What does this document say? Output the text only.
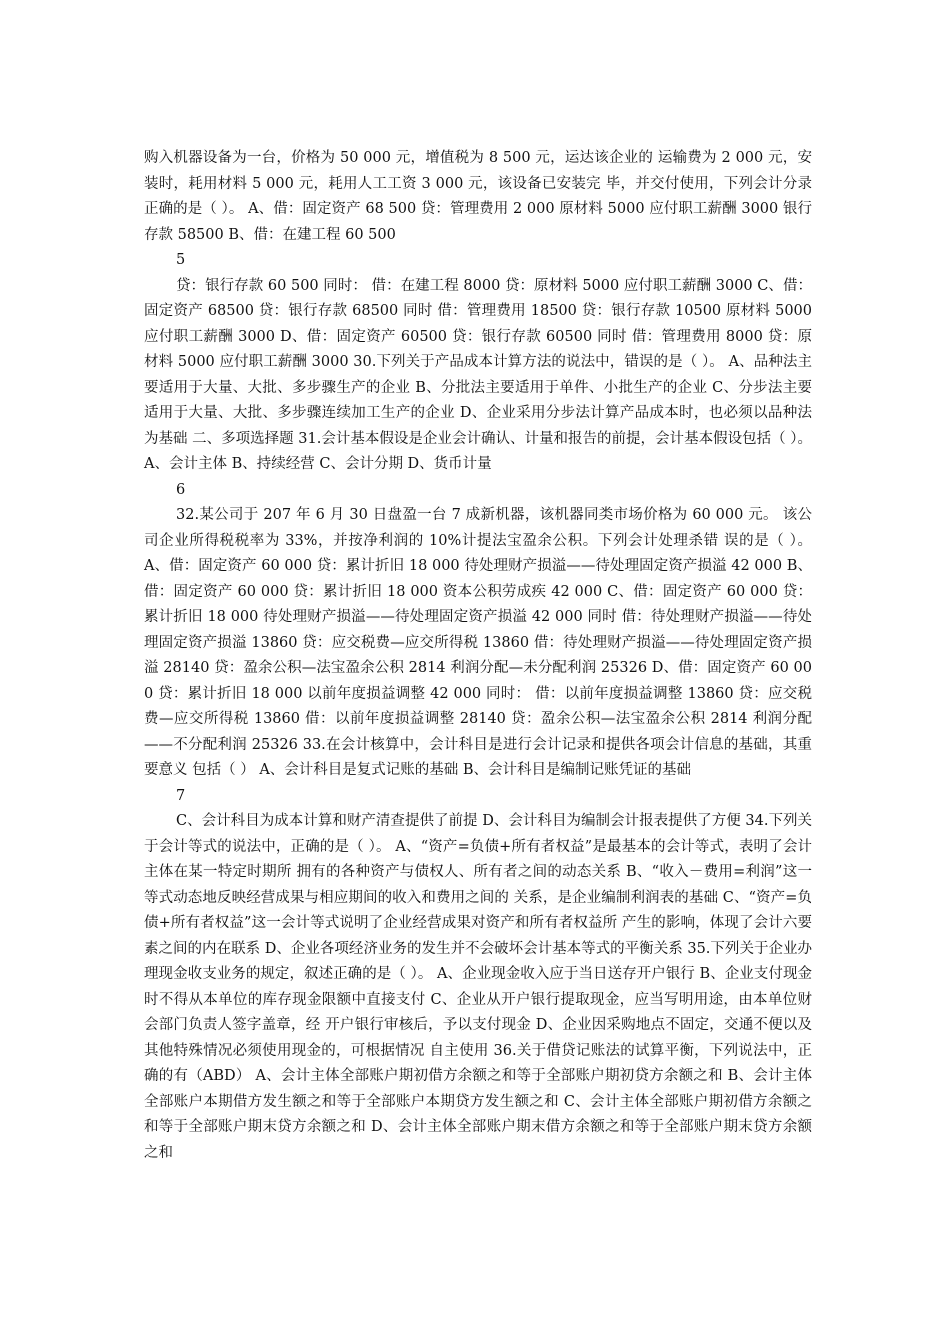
购入机器设备为一台，价格为 50 000 元，增值税为 8 500 元，运达该企业的 运输费为 2 000 元，安装时，耗用材料 5 000 元，耗用人工工资 3 000 元，该设备已安装完 毕，并交付使用，下列会计分录正确的是（ ）。 A、借：固定资产 68 500 贷：管理费用 2 000 原材料 5000 应付职工薪酬 3000 银行存款 58500 B、借：在建工程 60 500

5

贷：银行存款 60 500 同时： 借：在建工程 8000 贷：原材料 5000 应付职工薪酬 3000 C、借：固定资产 68500 贷：银行存款 68500 同时 借：管理费用 18500 贷：银行存款 10500 原材料 5000 应付职工薪酬 3000 D、借：固定资产 60500 贷：银行存款 60500 同时 借：管理费用 8000 贷：原材料 5000 应付职工薪酬 3000 30.下列关于产品成本计算方法的说法中，错误的是（ ）。 A、品种法主要适用于大量、大批、多步骤生产的企业 B、分批法主要适用于单件、小批生产的企业 C、分步法主要适用于大量、大批、多步骤连续加工生产的企业 D、企业采用分步法计算产品成本时，也必须以品种法为基础 二、多项选择题 31.会计基本假设是企业会计确认、计量和报告的前提，会计基本假设包括（ ）。 A、会计主体 B、持续经营 C、会计分期 D、货币计量

6

32.某公司于 207 年 6 月 30 日盘盈一台 7 成新机器，该机器同类市场价格为 60 000 元。 该公司企业所得税税率为 33%，并按净利润的 10%计提法宝盈余公积。下列会计处理杀错 误的是（ ）。 A、借：固定资产 60 000 贷：累计折旧 18 000 待处理财产损溢——待处理固定资产损溢 42 000 B、借：固定资产 60 000 贷：累计折旧 18 000 资本公积劳成疾 42 000 C、借：固定资产 60 000 贷：累计折旧 18 000 待处理财产损溢——待处理固定资产损溢 42 000 同时 借：待处理财产损溢——待处理固定资产损溢 13860 贷：应交税费—应交所得税 13860 借：待处理财产损溢——待处理固定资产损溢 28140 贷：盈余公积—法宝盈余公积 2814 利润分配—未分配利润 25326 D、借：固定资产 60 000 贷：累计折旧 18 000 以前年度损益调整 42 000 同时： 借：以前年度损益调整 13860 贷：应交税费—应交所得税 13860 借：以前年度损益调整 28140 贷：盈余公积—法宝盈余公积 2814 利润分配——不分配利润 25326 33.在会计核算中，会计科目是进行会计记录和提供各项会计信息的基础，其重要意义 包括（ ） A、会计科目是复式记账的基础 B、会计科目是编制记账凭证的基础

7

C、会计科目为成本计算和财产清查提供了前提 D、会计科目为编制会计报表提供了方便 34.下列关于会计等式的说法中，正确的是（ ）。 A、“资产=负债+所有者权益”是最基本的会计等式，表明了会计主体在某一特定时期所 拥有的各种资产与债权人、所有者之间的动态关系 B、“收入－费用=利润”这一等式动态地反映经营成果与相应期间的收入和费用之间的 关系，是企业编制利润表的基础 C、“资产=负债+所有者权益”这一会计等式说明了企业经营成果对资产和所有者权益所 产生的影响，体现了会计六要素之间的内在联系 D、企业各项经济业务的发生并不会破坏会计基本等式的平衡关系 35.下列关于企业办理现金收支业务的规定，叙述正确的是（ ）。 A、企业现金收入应于当日送存开户银行 B、企业支付现金时不得从本单位的库存现金限额中直接支付 C、企业从开户银行提取现金，应当写明用途，由本单位财会部门负责人签字盖章，经 开户银行审核后，予以支付现金 D、企业因采购地点不固定，交通不便以及其他特殊情况必须使用现金的，可根据情况 自主使用 36.关于借贷记账法的试算平衡，下列说法中，正确的有（ABD） A、会计主体全部账户期初借方余额之和等于全部账户期初贷方余额之和 B、会计主体全部账户本期借方发生额之和等于全部账户本期贷方发生额之和 C、会计主体全部账户期初借方余额之和等于全部账户期末贷方余额之和 D、会计主体全部账户期末借方余额之和等于全部账户期末贷方余额之和
